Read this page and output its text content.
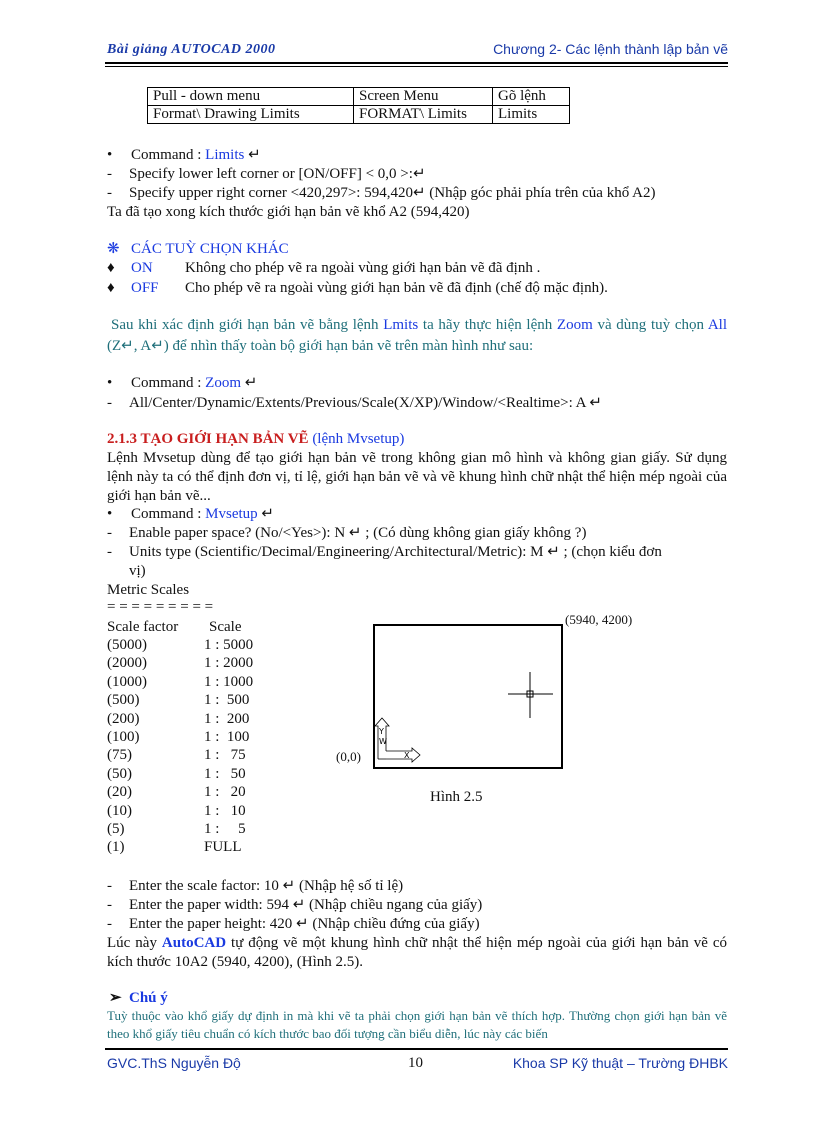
Bài giảng AUTOCAD 2000	Chương 2- Các lệnh thành lập bản vẽ
Pull - down menu	Screen Menu	Gõ lệnh
Format\ Drawing Limits	FORMAT\ Limits	Limits
• Command : Limits ↵
- Specify lower left corner or [ON/OFF] < 0,0 >:↵
- Specify upper right corner <420,297>: 594,420↵ (Nhập góc phải phía trên của khổ A2)
Ta đã tạo xong kích thước giới hạn bản vẽ khổ A2 (594,420)
❋ CÁC TUỲ CHỌN KHÁC
♦ ON Không cho phép vẽ ra ngoài vùng giới hạn bản vẽ đã định .
♦ OFF Cho phép vẽ ra ngoài vùng giới hạn bản vẽ đã định (chế độ mặc định).
Sau khi xác định giới hạn bản vẽ bằng lệnh Lmits ta hãy thực hiện lệnh Zoom và dùng tuỳ chọn All (Z↵, A↵) để nhìn thấy toàn bộ giới hạn bản vẽ trên màn hình như sau:
• Command : Zoom ↵
- All/Center/Dynamic/Extents/Previous/Scale(X/XP)/Window/<Realtime>: A ↵
2.1.3 TẠO GIỚI HẠN BẢN VẼ (lệnh Mvsetup)
Lệnh Mvsetup dùng để tạo giới hạn bản vẽ trong không gian mô hình và không gian giấy. Sử dụng lệnh này ta có thể định đơn vị, tỉ lệ, giới hạn bản vẽ và vẽ khung hình chữ nhật thể hiện mép ngoài của giới hạn bản vẽ...
• Command : Mvsetup ↵
- Enable paper space? (No/<Yes>): N ↵ ; (Có dùng không gian giấy không ?)
- Units type (Scientific/Decimal/Engineering/Architectural/Metric): M ↵ ; (chọn kiểu đơn
vị)
Metric Scales
= = = = = = = = =
Scale factor Scale
(5000)	1 : 5000
(2000)	1 : 2000
(1000)	1 : 1000
(500)	1 :  500
(200)	1 :  200
(100)	1 :  100
(75)	1 :   75
(50)	1 :   50
(20)	1 :   20
(10)	1 :   10
(5)	1 :     5
(1)	FULL
(5940, 4200)
Y
W
X
(0,0)
Hình 2.5
- Enter the scale factor: 10 ↵ (Nhập hệ số tỉ lệ)
- Enter the paper width: 594 ↵ (Nhập chiều ngang của giấy)
- Enter the paper height: 420 ↵ (Nhập chiều đứng của giấy)
Lúc này AutoCAD tự động vẽ một khung hình chữ nhật thể hiện mép ngoài của giới hạn bản vẽ có kích thước 10A2 (5940, 4200), (Hình 2.5).
➢ Chú ý
Tuỳ thuộc vào khổ giấy dự định in mà khi vẽ ta phải chọn giới hạn bản vẽ thích hợp. Thường chọn giới hạn bản vẽ theo khổ giấy tiêu chuẩn có kích thước bao đối tượng cần biểu diễn, lúc này các biến
GVC.ThS Nguyễn Độ	10	Khoa SP Kỹ thuật – Trường ĐHBK
